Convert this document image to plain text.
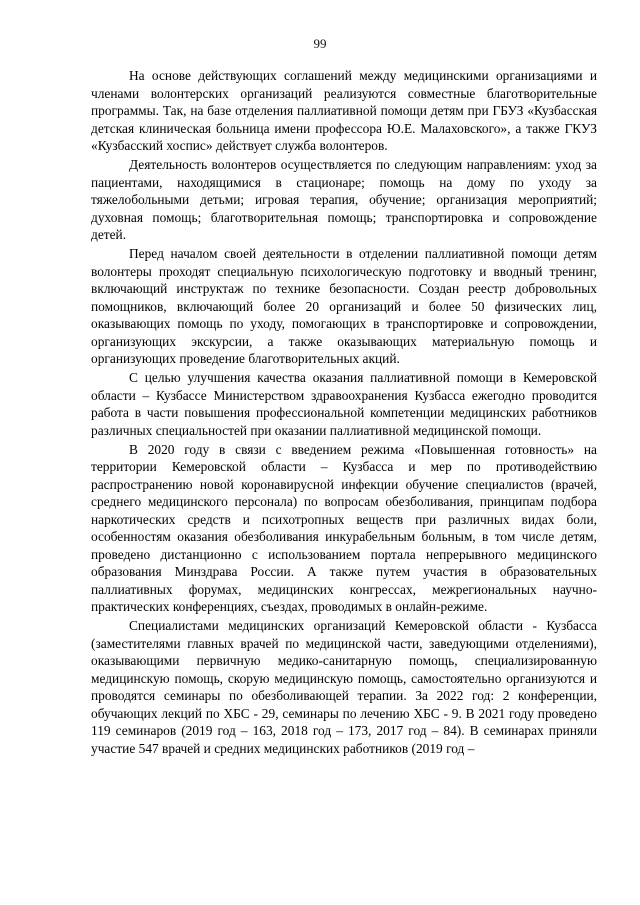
99

На основе действующих соглашений между медицинскими организациями и членами волонтерских организаций реализуются совместные благотворительные программы. Так, на базе отделения паллиативной помощи детям при ГБУЗ «Кузбасская детская клиническая больница имени профессора Ю.Е. Малаховского», а также ГКУЗ «Кузбасский хоспис» действует служба волонтеров.

Деятельность волонтеров осуществляется по следующим направлениям: уход за пациентами, находящимися в стационаре; помощь на дому по уходу за тяжелобольными детьми; игровая терапия, обучение; организация мероприятий; духовная помощь; благотворительная помощь; транспортировка и сопровождение детей.

Перед началом своей деятельности в отделении паллиативной помощи детям волонтеры проходят специальную психологическую подготовку и вводный тренинг, включающий инструктаж по технике безопасности. Создан реестр добровольных помощников, включающий более 20 организаций и более 50 физических лиц, оказывающих помощь по уходу, помогающих в транспортировке и сопровождении, организующих экскурсии, а также оказывающих материальную помощь и организующих проведение благотворительных акций.

С целью улучшения качества оказания паллиативной помощи в Кемеровской области – Кузбассе Министерством здравоохранения Кузбасса ежегодно проводится работа в части повышения профессиональной компетенции медицинских работников различных специальностей при оказании паллиативной медицинской помощи.

В 2020 году в связи с введением режима «Повышенная готовность» на территории Кемеровской области – Кузбасса и мер по противодействию распространению новой коронавирусной инфекции обучение специалистов (врачей, среднего медицинского персонала) по вопросам обезболивания, принципам подбора наркотических средств и психотропных веществ при различных видах боли, особенностям оказания обезболивания инкурабельным больным, в том числе детям, проведено дистанционно с использованием портала непрерывного медицинского образования Минздрава России. А также путем участия в образовательных паллиативных форумах, медицинских конгрессах, межрегиональных научно-практических конференциях, съездах, проводимых в онлайн-режиме.

Специалистами медицинских организаций Кемеровской области - Кузбасса (заместителями главных врачей по медицинской части, заведующими отделениями), оказывающими первичную медико-санитарную помощь, специализированную медицинскую помощь, скорую медицинскую помощь, самостоятельно организуются и проводятся семинары по обезболивающей терапии. За 2022 год: 2 конференции, обучающих лекций по ХБС - 29, семинары по лечению ХБС - 9. В 2021 году проведено 119 семинаров (2019 год – 163, 2018 год – 173, 2017 год – 84). В семинарах приняли участие 547 врачей и средних медицинских работников (2019 год –
